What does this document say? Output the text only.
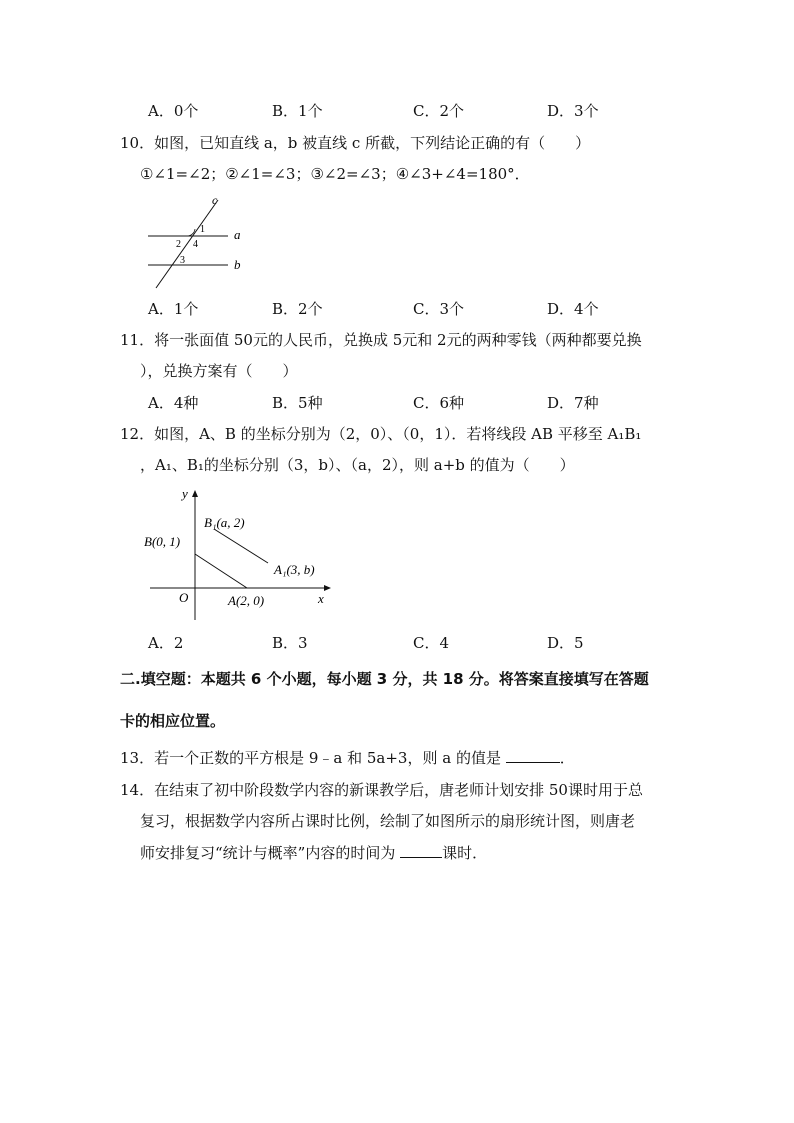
A．0个	B．1个	C．2个	D．3个
10．如图，已知直线 a，b 被直线 c 所截，下列结论正确的有（　　）
①∠1=∠2；②∠1=∠3；③∠2=∠3；④∠3+∠4=180°．
c
a
b
1
2 4
3
A．1个	B．2个	C．3个	D．4个
11．将一张面值 50元的人民币，兑换成 5元和 2元的两种零钱（两种都要兑换
），兑换方案有（　　）
A．4种	B．5种	C．6种	D．7种
12．如图，A、B 的坐标分别为（2，0）、（0，1）．若将线段 AB 平移至 A₁B₁
，A₁、B₁的坐标分别（3，b）、（a，2），则 a+b 的值为（　　）
y
x
O
B(0, 1)
A(2, 0)
B₁(a, 2)
A₁(3, b)
A．2	B．3	C．4	D．5
二.填空题：本题共 6 个小题，每小题 3 分，共 18 分。将答案直接填写在答题
卡的相应位置。
13．若一个正数的平方根是 9﹣a 和 5a+3，则 a 的值是	．
14．在结束了初中阶段数学内容的新课教学后，唐老师计划安排 50课时用于总
复习，根据数学内容所占课时比例，绘制了如图所示的扇形统计图，则唐老
师安排复习“统计与概率”内容的时间为	课时．
